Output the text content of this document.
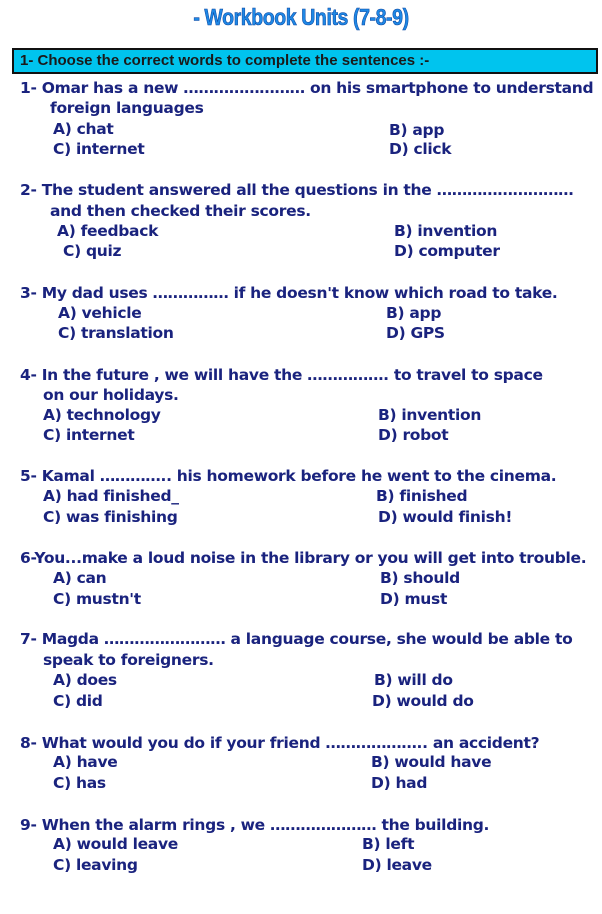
- Workbook Units (7-8-9)
1- Choose the correct words to complete the sentences :-
1- Omar has a new …………………… on his smartphone to understand
foreign languages
A) chat	B) app
C) internet	D) click
2- The student answered all the questions in the ………………………
and then checked their scores.
A) feedback	B) invention
C) quiz	D) computer
3- My dad uses …………… if he doesn't know which road to take.
A) vehicle	B) app
C) translation	D) GPS
4- In the future , we will have the ……………. to travel to space
on our holidays.
A) technology	B) invention
C) internet	D) robot
5- Kamal ………….. his homework before he went to the cinema.
A) had finished_	B) finished
C) was finishing	D) would finish!
6-You...make a loud noise in the library or you will get into trouble.
A) can	B) should
C) mustn't	D) must
7- Magda …………………… a language course, she would be able to
speak to foreigners.
A) does	B) will do
C) did	D) would do
8- What would you do if your friend ……………….. an accident?
A) have	B) would have
C) has	D) had
9- When the alarm rings , we ………………… the building.
A) would leave	B) left
C) leaving	D) leave
